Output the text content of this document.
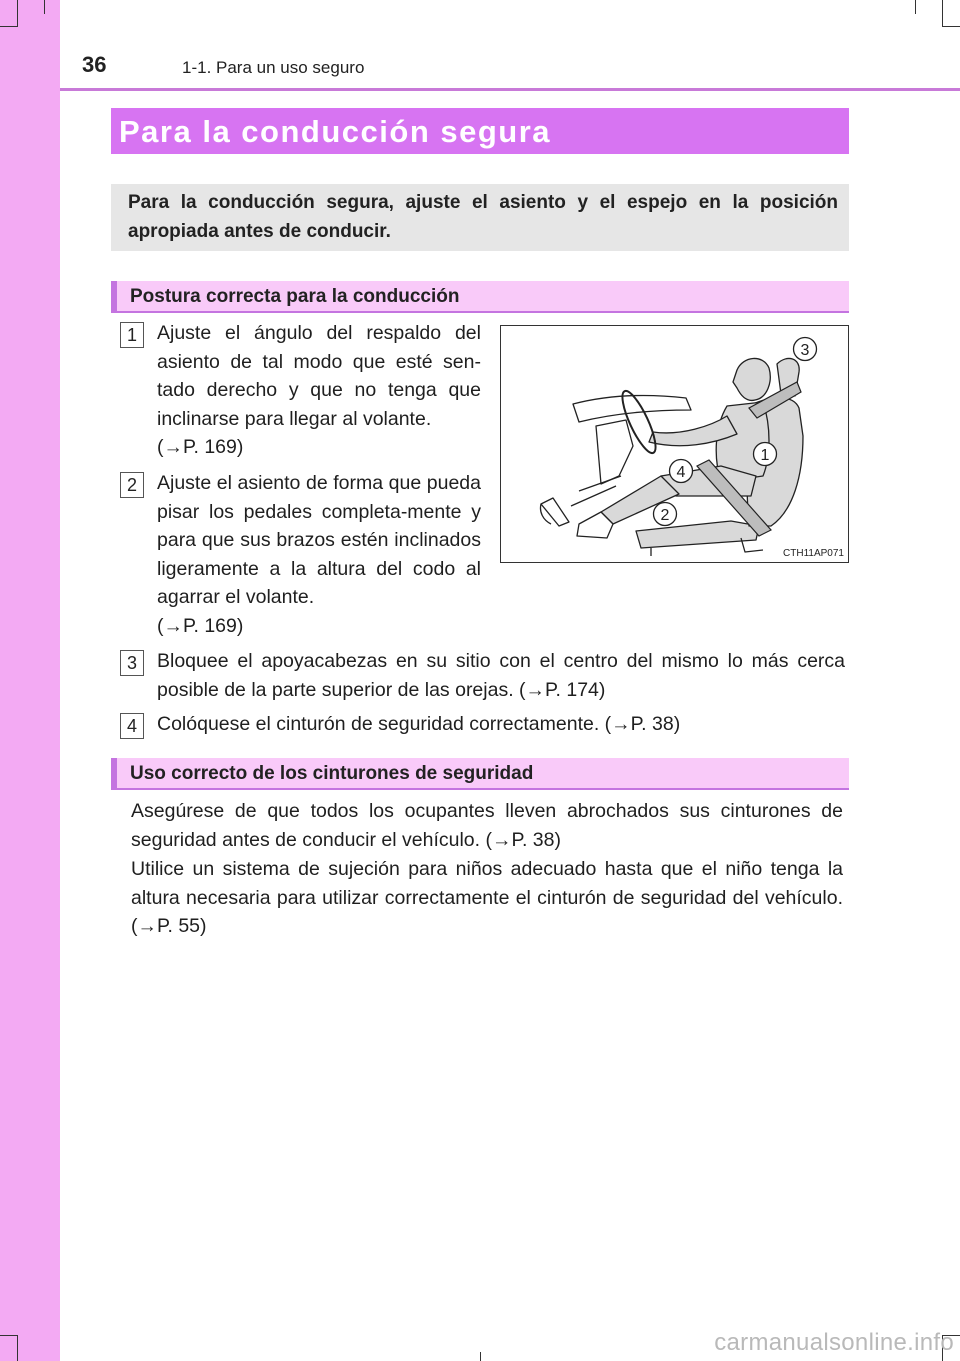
36	1-1. Para un uso seguro
Para la conducción segura

Para la conducción segura, ajuste el asiento y el espejo en la posición apropiada antes de conducir.

Postura correcta para la conducción
1	Ajuste el ángulo del respaldo del asiento de tal modo que esté sen-tado derecho y que no tenga que inclinarse para llegar al volante.
(→P. 169)

2	Ajuste el asiento de forma que pueda pisar los pedales completa-mente y para que sus brazos estén inclinados ligeramente a la altura del codo al agarrar el volante.
(→P. 169)

3
1
4
2
CTH11AP071
3	Bloquee el apoyacabezas en su sitio con el centro del mismo lo más cerca posible de la parte superior de las orejas. (→P. 174)

4	Colóquese el cinturón de seguridad correctamente. (→P. 38)

Uso correcto de los cinturones de seguridad

Asegúrese de que todos los ocupantes lleven abrochados sus cinturones de seguridad antes de conducir el vehículo. (→P. 38)

Utilice un sistema de sujeción para niños adecuado hasta que el niño tenga la altura necesaria para utilizar correctamente el cinturón de seguridad del vehículo. (→P. 55)

carmanualsonline.info
